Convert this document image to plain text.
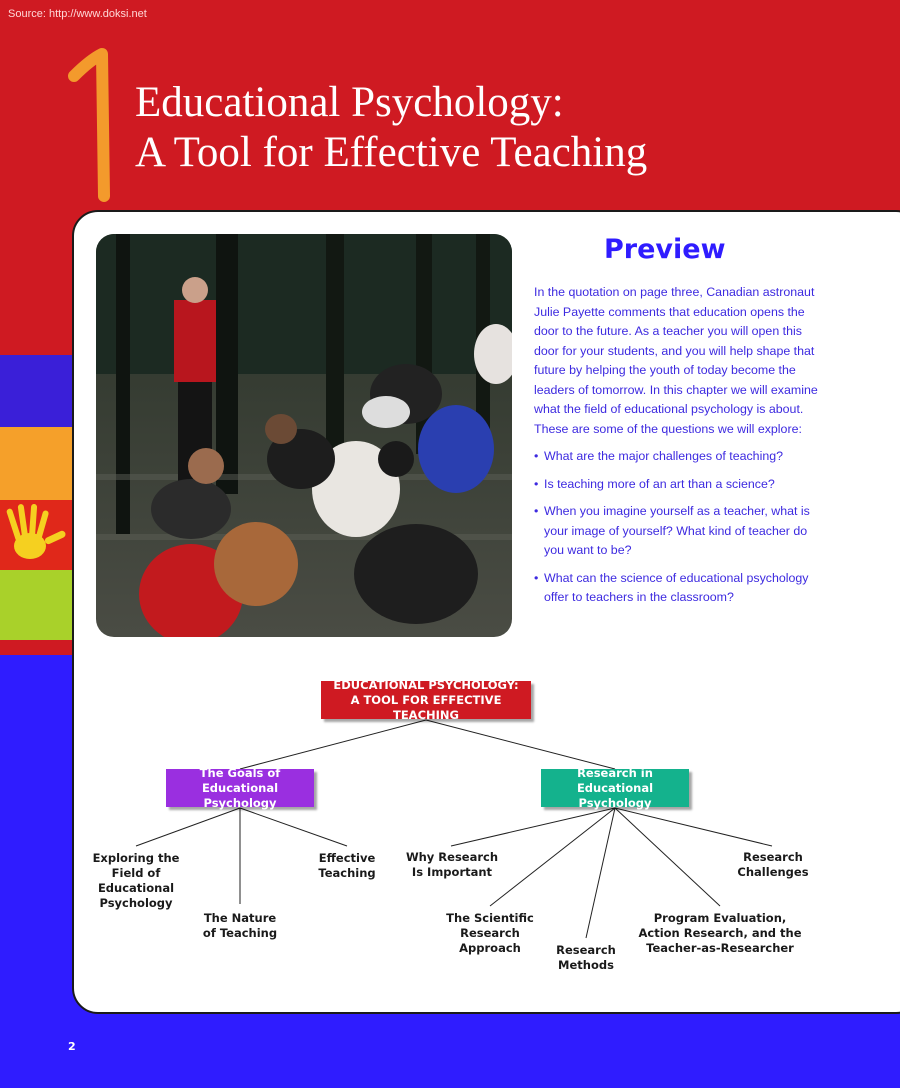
Source: http://www.doksi.net
Educational Psychology:
A Tool for Effective Teaching
Preview

In the quotation on page three, Canadian astronaut Julie Payette comments that education opens the door to the future. As a teacher you will open this door for your students, and you will help shape that future by helping the youth of today become the leaders of tomorrow. In this chapter we will examine what the field of educational psychology is about. These are some of the questions we will explore:

• What are the major challenges of teaching?
• Is teaching more of an art than a science?
• When you imagine yourself as a teacher, what is your image of yourself? What kind of teacher do you want to be?
• What can the science of educational psychology offer to teachers in the classroom?
EDUCATIONAL PSYCHOLOGY:
A TOOL FOR EFFECTIVE TEACHING
The Goals of
Educational Psychology
Research in
Educational Psychology
Exploring the
Field of
Educational
Psychology
The Nature
of Teaching
Effective
Teaching
Why Research
Is Important
The Scientific
Research
Approach	Research
Methods
Program Evaluation,
Action Research, and the
Teacher-as-Researcher
Research
Challenges
2
